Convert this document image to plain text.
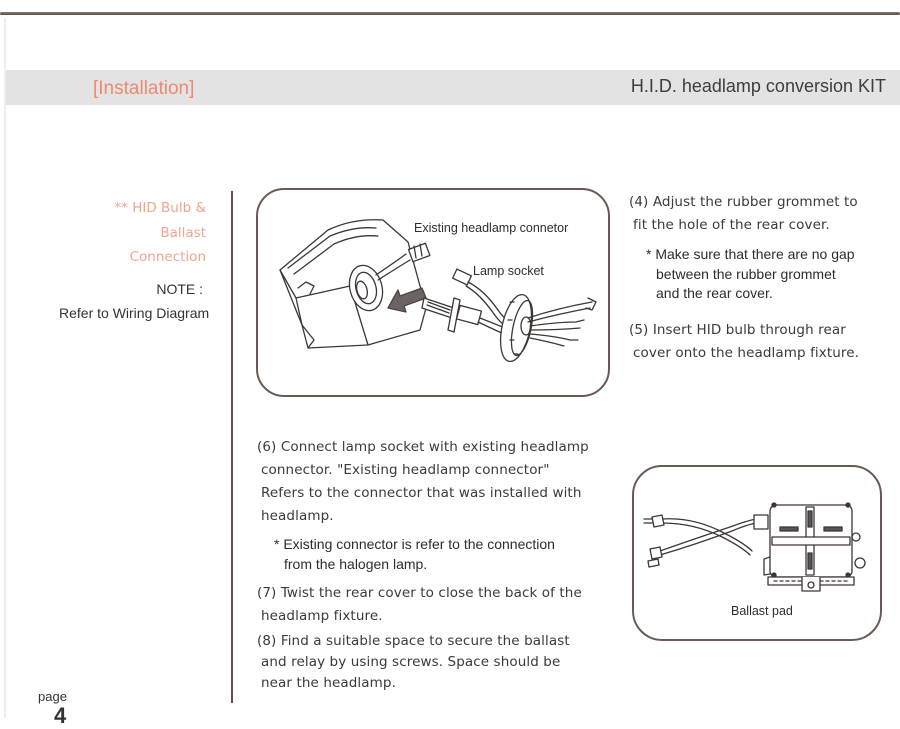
[Installation]	H.I.D. headlamp conversion KIT
** HID Bulb &
Ballast
Connection
NOTE :
Refer to Wiring Diagram
Existing headlamp connetor
Lamp socket
(4) Adjust the rubber grommet to
fit the hole of the rear cover.
* Make sure that there are no gap
between the rubber grommet
and the rear cover.
(5) Insert HID bulb through rear
cover onto the headlamp fixture.
(6) Connect lamp socket with existing headlamp
connector. "Existing headlamp connector"
Refers to the connector that was installed with
headlamp.
* Existing connector is refer to the connection
from the halogen lamp.
(7) Twist the rear cover to close the back of the
headlamp fixture.
(8) Find a suitable space to secure the ballast
and relay by using screws. Space should be
near the headlamp.
Ballast pad
page
4
